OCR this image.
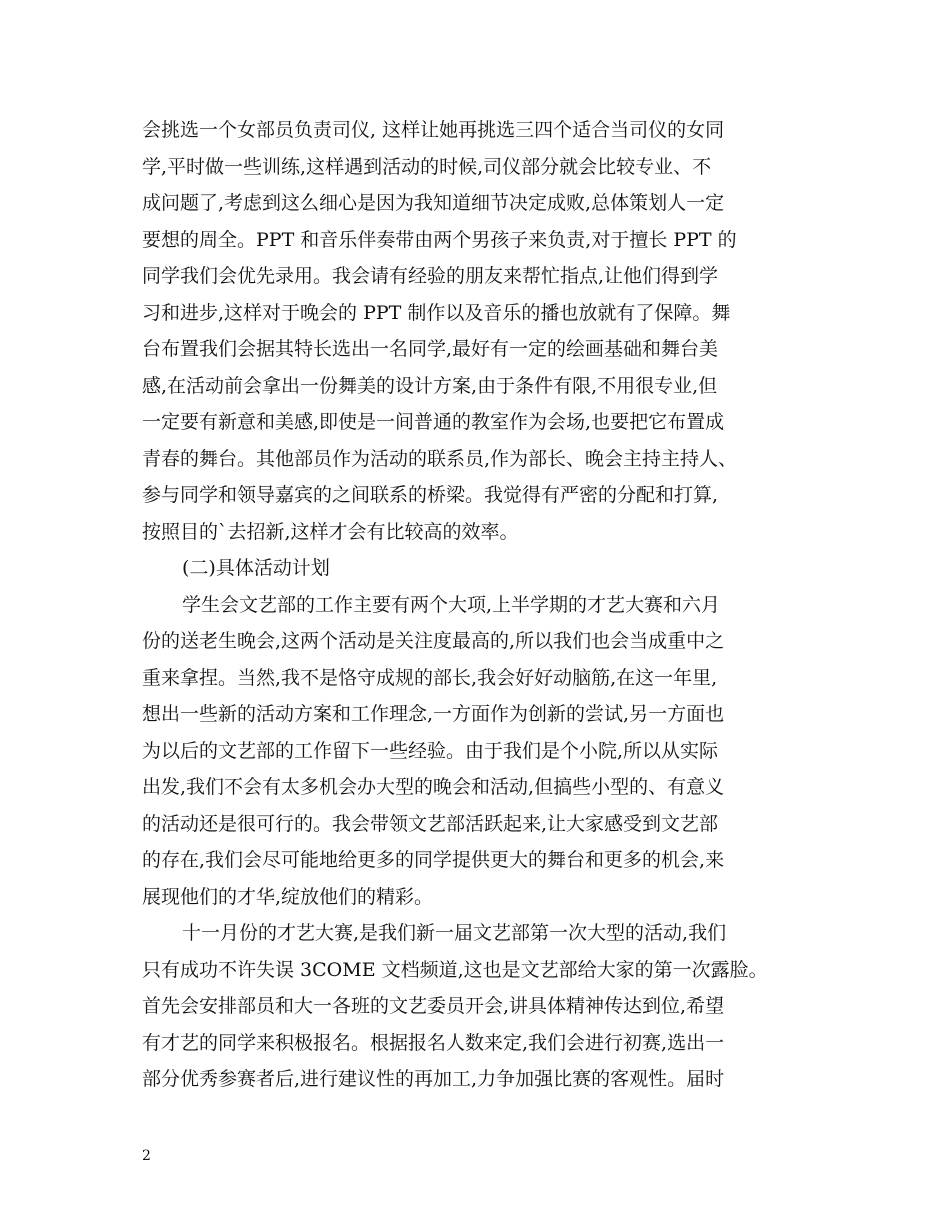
会挑选一个女部员负责司仪, 这样让她再挑选三四个适合当司仪的女同
学,平时做一些训练,这样遇到活动的时候,司仪部分就会比较专业、不
成问题了,考虑到这么细心是因为我知道细节决定成败,总体策划人一定
要想的周全。PPT 和音乐伴奏带由两个男孩子来负责,对于擅长 PPT 的
同学我们会优先录用。我会请有经验的朋友来帮忙指点,让他们得到学
习和进步,这样对于晚会的 PPT 制作以及音乐的播也放就有了保障。舞
台布置我们会据其特长选出一名同学,最好有一定的绘画基础和舞台美
感,在活动前会拿出一份舞美的设计方案,由于条件有限,不用很专业,但
一定要有新意和美感,即使是一间普通的教室作为会场,也要把它布置成
青春的舞台。其他部员作为活动的联系员,作为部长、晚会主持主持人、
参与同学和领导嘉宾的之间联系的桥梁。我觉得有严密的分配和打算,
按照目的`去招新,这样才会有比较高的效率。
(二)具体活动计划
学生会文艺部的工作主要有两个大项,上半学期的才艺大赛和六月
份的送老生晚会,这两个活动是关注度最高的,所以我们也会当成重中之
重来拿捏。当然,我不是恪守成规的部长,我会好好动脑筋,在这一年里,
想出一些新的活动方案和工作理念,一方面作为创新的尝试,另一方面也
为以后的文艺部的工作留下一些经验。由于我们是个小院,所以从实际
出发,我们不会有太多机会办大型的晚会和活动,但搞些小型的、有意义
的活动还是很可行的。我会带领文艺部活跃起来,让大家感受到文艺部
的存在,我们会尽可能地给更多的同学提供更大的舞台和更多的机会,来
展现他们的才华,绽放他们的精彩。
十一月份的才艺大赛,是我们新一届文艺部第一次大型的活动,我们
只有成功不许失误 3COME 文档频道,这也是文艺部给大家的第一次露脸。
首先会安排部员和大一各班的文艺委员开会,讲具体精神传达到位,希望
有才艺的同学来积极报名。根据报名人数来定,我们会进行初赛,选出一
部分优秀参赛者后,进行建议性的再加工,力争加强比赛的客观性。届时
2
